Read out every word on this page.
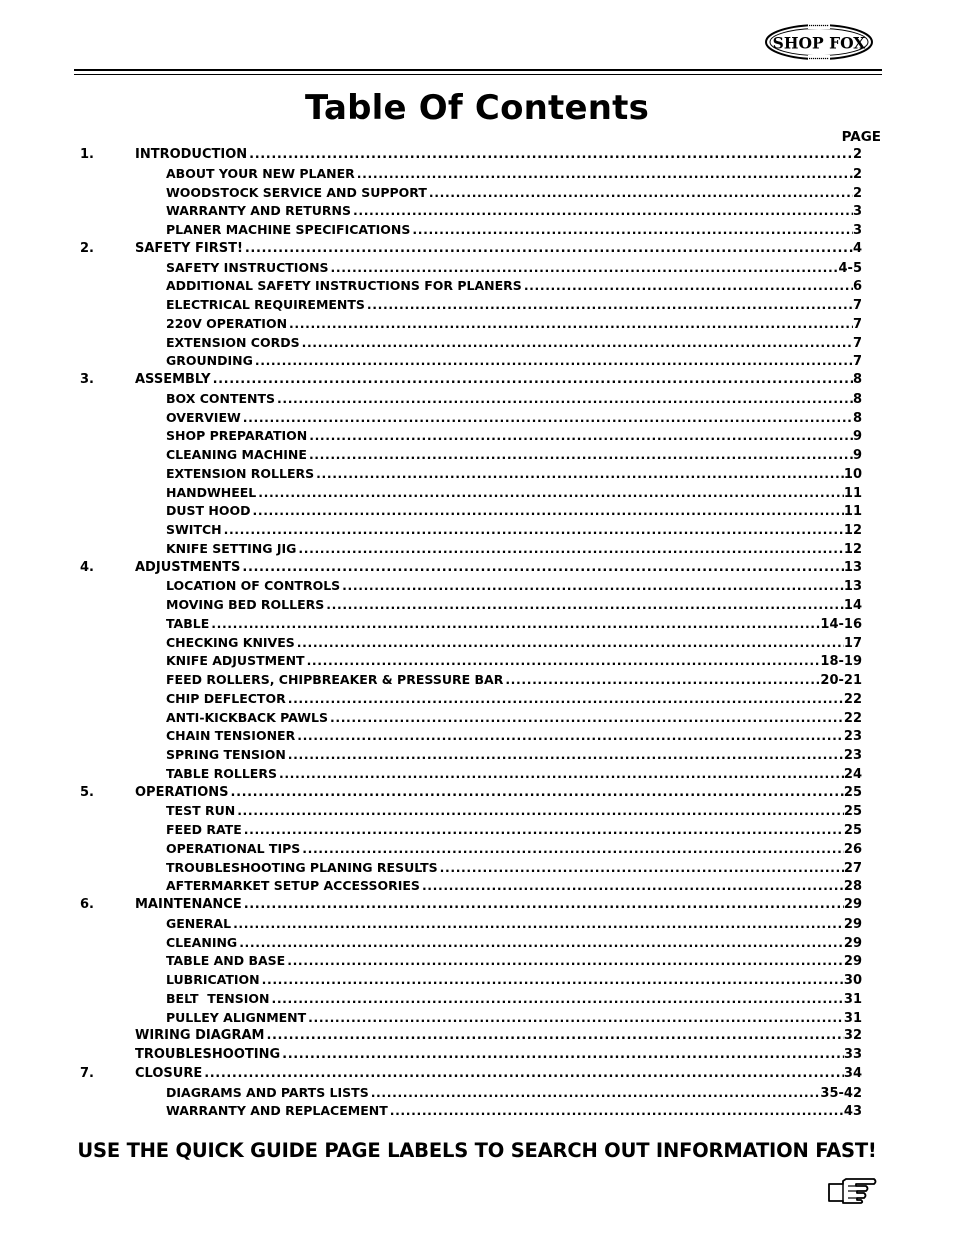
SHOP FOX
Table Of Contents
PAGE
1.	INTRODUCTION .....	2
ABOUT YOUR NEW PLANER .....	2
WOODSTOCK SERVICE AND SUPPORT .....	2
WARRANTY AND RETURNS .....	3
PLANER MACHINE SPECIFICATIONS .....	3
2.	SAFETY FIRST! .....	4
SAFETY INSTRUCTIONS .....	4-5
ADDITIONAL SAFETY INSTRUCTIONS FOR PLANERS .....	6
ELECTRICAL REQUIREMENTS .....	7
220V OPERATION .....	7
EXTENSION CORDS .....	7
GROUNDING .....	7
3.	ASSEMBLY .....	8
BOX CONTENTS .....	8
OVERVIEW .....	8
SHOP PREPARATION .....	9
CLEANING MACHINE .....	9
EXTENSION ROLLERS .....	10
HANDWHEEL .....	11
DUST HOOD .....	11
SWITCH .....	12
KNIFE SETTING JIG .....	12
4.	ADJUSTMENTS .....	13
LOCATION OF CONTROLS .....	13
MOVING BED ROLLERS .....	14
TABLE .....	14-16
CHECKING KNIVES .....	17
KNIFE ADJUSTMENT .....	18-19
FEED ROLLERS, CHIPBREAKER & PRESSURE BAR .....	20-21
CHIP DEFLECTOR .....	22
ANTI-KICKBACK PAWLS .....	22
CHAIN TENSIONER .....	23
SPRING TENSION .....	23
TABLE ROLLERS .....	24
5.	OPERATIONS .....	25
TEST RUN .....	25
FEED RATE .....	25
OPERATIONAL TIPS .....	26
TROUBLESHOOTING PLANING RESULTS .....	27
AFTERMARKET SETUP ACCESSORIES .....	28
6.	MAINTENANCE .....	29
GENERAL .....	29
CLEANING .....	29
TABLE AND BASE .....	29
LUBRICATION .....	30
BELT  TENSION .....	31
PULLEY ALIGNMENT .....	31
WIRING DIAGRAM .....	32
TROUBLESHOOTING .....	33
7.	CLOSURE .....	34
DIAGRAMS AND PARTS LISTS .....	35-42
WARRANTY AND REPLACEMENT .....	43
USE THE QUICK GUIDE PAGE LABELS TO SEARCH OUT INFORMATION FAST!
